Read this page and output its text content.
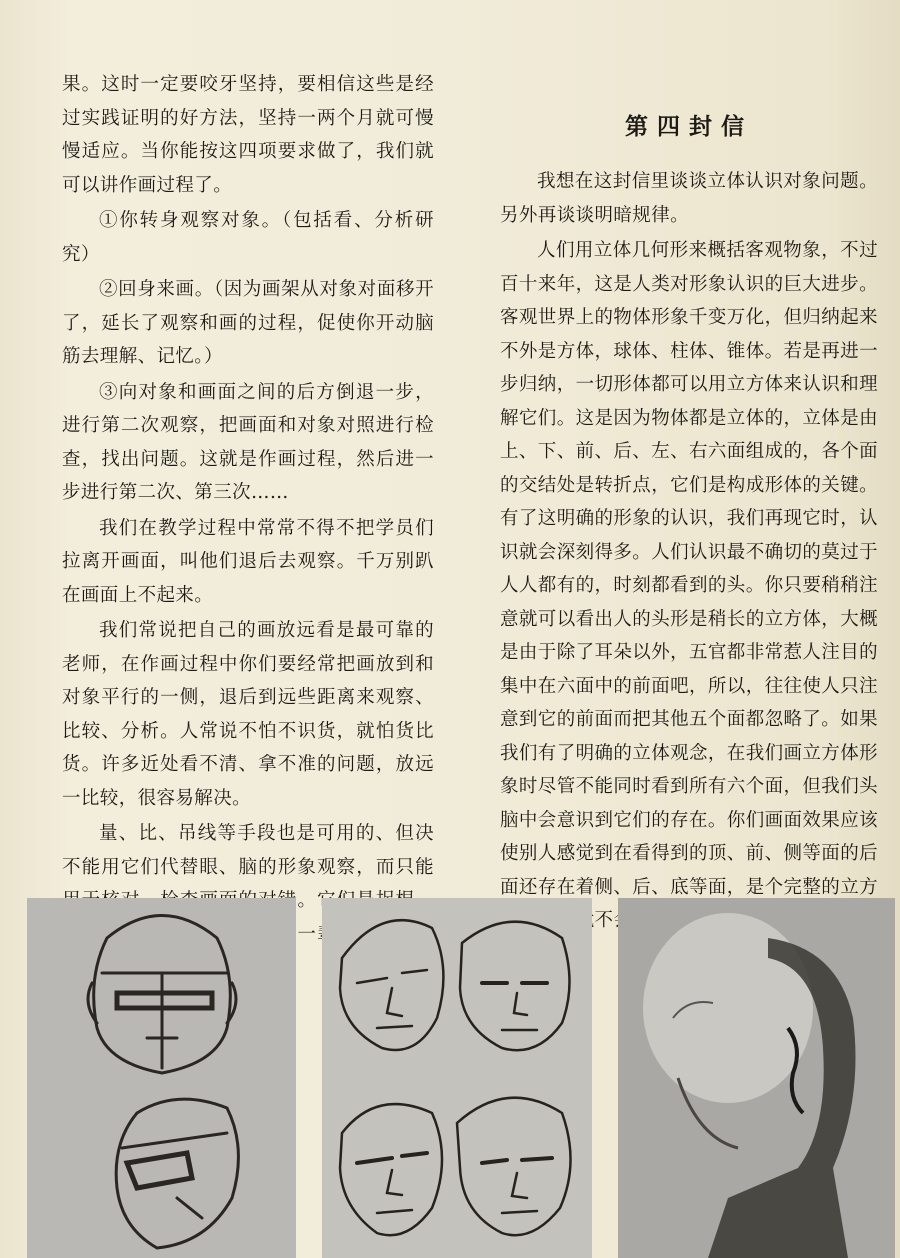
果。这时一定要咬牙坚持，要相信这些是经过实践证明的好方法，坚持一两个月就可慢慢适应。当你能按这四项要求做了，我们就可以讲作画过程了。

①你转身观察对象。（包括看、分析研究）

②回身来画。（因为画架从对象对面移开了，延长了观察和画的过程，促使你开动脑筋去理解、记忆。）

③向对象和画面之间的后方倒退一步，进行第二次观察，把画面和对象对照进行检查，找出问题。这就是作画过程，然后进一步进行第二次、第三次……

我们在教学过程中常常不得不把学员们拉离开画面，叫他们退后去观察。千万别趴在画面上不起来。

我们常说把自己的画放远看是最可靠的老师，在作画过程中你们要经常把画放到和对象平行的一侧，退后到远些距离来观察、比较、分析。人常说不怕不识货，就怕货比货。许多近处看不清、拿不准的问题，放远一比较，很容易解决。

量、比、吊线等手段也是可用的、但决不能用它们代替眼、脑的形象观察，而只能 错。 是一

第四封信

我想在这封信里谈谈立体认识对象问题。另外再谈谈明暗规律。

人们用立体几何形来概括客观物象，不过百十来年，这是人类对形象认识的巨大进步。客观世界上的物体形象千变万化，但归纳起来不外是方体，球体、柱体、锥体。若是再进一步归纳，一切形体都可以用立方体来认识和理解它们。这是因为物体都是立体的，立体是由上、下、前、后、左、右六面组成的，各个面的交结处是转折点，它们是构成形体的关键。有了这明确的形象的认识，我们再现它时，认识就会深刻得多。人们认识最不确切的莫过于人人都有的，时刻都看到的头。你只要稍稍注意就可以看出人的头形是稍长的立方体，大概是由于除了耳朵以外，五官都非常惹人注目的集中在六面中的前面吧，所以，往往使人只注意到它的前面而把其他五个面都忽略了。如果我们有了明确的立体观念，在我们画立方体形象时尽管不能同时看到所有六个面，但我们头脑中会意识到它们的存在。你们画面效果应该使别人感觉到在看得到的顶、前、侧等面的后面还存在着侧、后、底等面，是个完整的立方 就不会把
